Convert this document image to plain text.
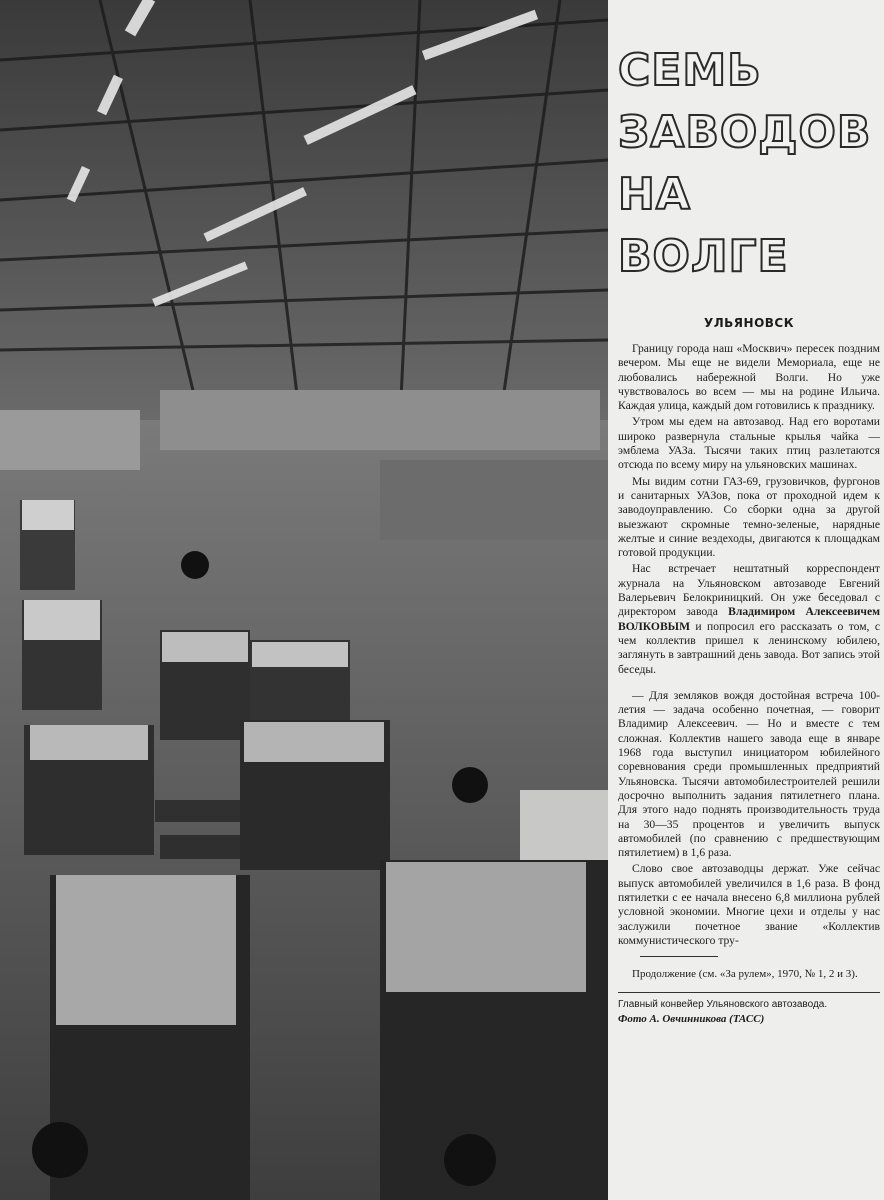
СЕМЬ
ЗАВОДОВ
НА
ВОЛГЕ
УЛЬЯНОВСК

Границу города наш «Москвич» пересек поздним вечером. Мы еще не видели Мемориала, еще не любовались набережной Волги. Но уже чувствовалось во всем — мы на родине Ильича. Каждая улица, каждый дом готовились к празднику.

Утром мы едем на автозавод. Над его воротами широко развернула стальные крылья чайка — эмблема УАЗа. Тысячи таких птиц разлетаются отсюда по всему миру на ульяновских машинах.

Мы видим сотни ГАЗ-69, грузовичков, фургонов и санитарных УАЗов, пока от проходной идем к заводоуправлению. Со сборки одна за другой выезжают скромные темно-зеленые, нарядные желтые и синие вездеходы, двигаются к площадкам готовой продукции.

Нас встречает нештатный корреспондент журнала на Ульяновском автозаводе Евгений Валерьевич Белокриницкий. Он уже беседовал с директором завода Владимиром Алексеевичем ВОЛКОВЫМ и попросил его рассказать о том, с чем коллектив пришел к ленинскому юбилею, заглянуть в завтрашний день завода. Вот запись этой беседы.

— Для земляков вождя достойная встреча 100-летия — задача особенно почетная, — говорит Владимир Алексеевич. — Но и вместе с тем сложная. Коллектив нашего завода еще в январе 1968 года выступил инициатором юбилейного соревнования среди промышленных предприятий Ульяновска. Тысячи автомобилестроителей решили досрочно выполнить задания пятилетнего плана. Для этого надо поднять производительность труда на 30—35 процентов и увеличить выпуск автомобилей (по сравнению с предшествующим пятилетием) в 1,6 раза.

Слово свое автозаводцы держат. Уже сейчас выпуск автомобилей увеличился в 1,6 раза. В фонд пятилетки с ее начала внесено 6,8 миллиона рублей условной экономии. Многие цехи и отделы у нас заслужили почетное звание «Коллектив коммунистического тру-

Продолжение (см. «За рулем», 1970, № 1, 2 и 3).

Главный конвейер Ульяновского автозавода.
Фото А. Овчинникова (ТАСС)
